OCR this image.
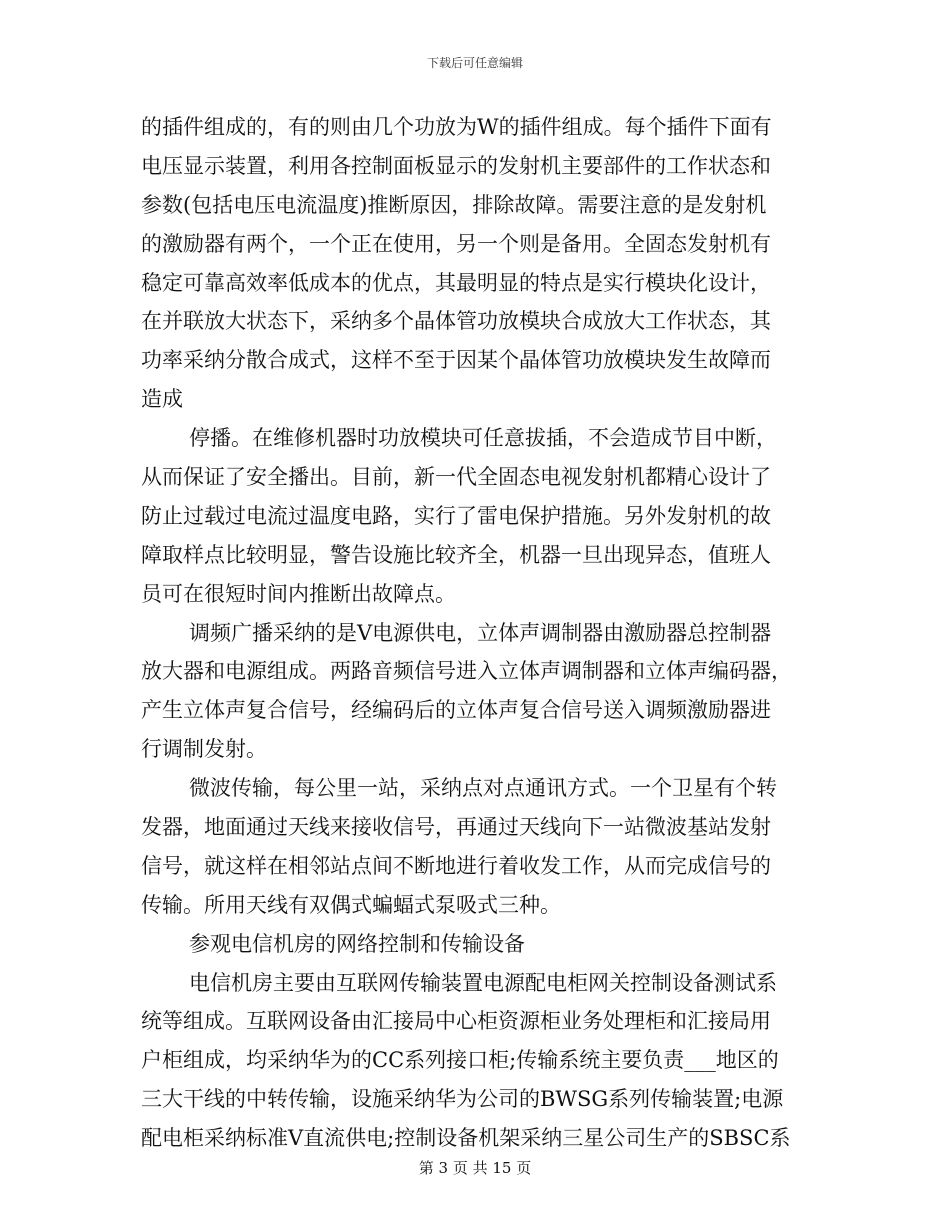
下载后可任意编辑
的插件组成的，有的则由几个功放为W的插件组成。每个插件下面有
电压显示装置，利用各控制面板显示的发射机主要部件的工作状态和
参数(包括电压电流温度)推断原因，排除故障。需要注意的是发射机
的激励器有两个，一个正在使用，另一个则是备用。全固态发射机有
稳定可靠高效率低成本的优点，其最明显的特点是实行模块化设计，
在并联放大状态下，采纳多个晶体管功放模块合成放大工作状态，其
功率采纳分散合成式，这样不至于因某个晶体管功放模块发生故障而
造成
停播。在维修机器时功放模块可任意拔插，不会造成节目中断，
从而保证了安全播出。目前，新一代全固态电视发射机都精心设计了
防止过载过电流过温度电路，实行了雷电保护措施。另外发射机的故
障取样点比较明显，警告设施比较齐全，机器一旦出现异态，值班人
员可在很短时间内推断出故障点。
调频广播采纳的是V电源供电，立体声调制器由激励器总控制器
放大器和电源组成。两路音频信号进入立体声调制器和立体声编码器，
产生立体声复合信号，经编码后的立体声复合信号送入调频激励器进
行调制发射。
微波传输，每公里一站，采纳点对点通讯方式。一个卫星有个转
发器，地面通过天线来接收信号，再通过天线向下一站微波基站发射
信号，就这样在相邻站点间不断地进行着收发工作，从而完成信号的
传输。所用天线有双偶式蝙蝠式泵吸式三种。
参观电信机房的网络控制和传输设备
电信机房主要由互联网传输装置电源配电柜网关控制设备测试系
统等组成。互联网设备由汇接局中心柜资源柜业务处理柜和汇接局用
户柜组成，均采纳华为的CC系列接口柜;传输系统主要负责___地区的
三大干线的中转传输，设施采纳华为公司的BWSG系列传输装置;电源
配电柜采纳标准V直流供电;控制设备机架采纳三星公司生产的SBSC系
第 3 页 共 15 页
